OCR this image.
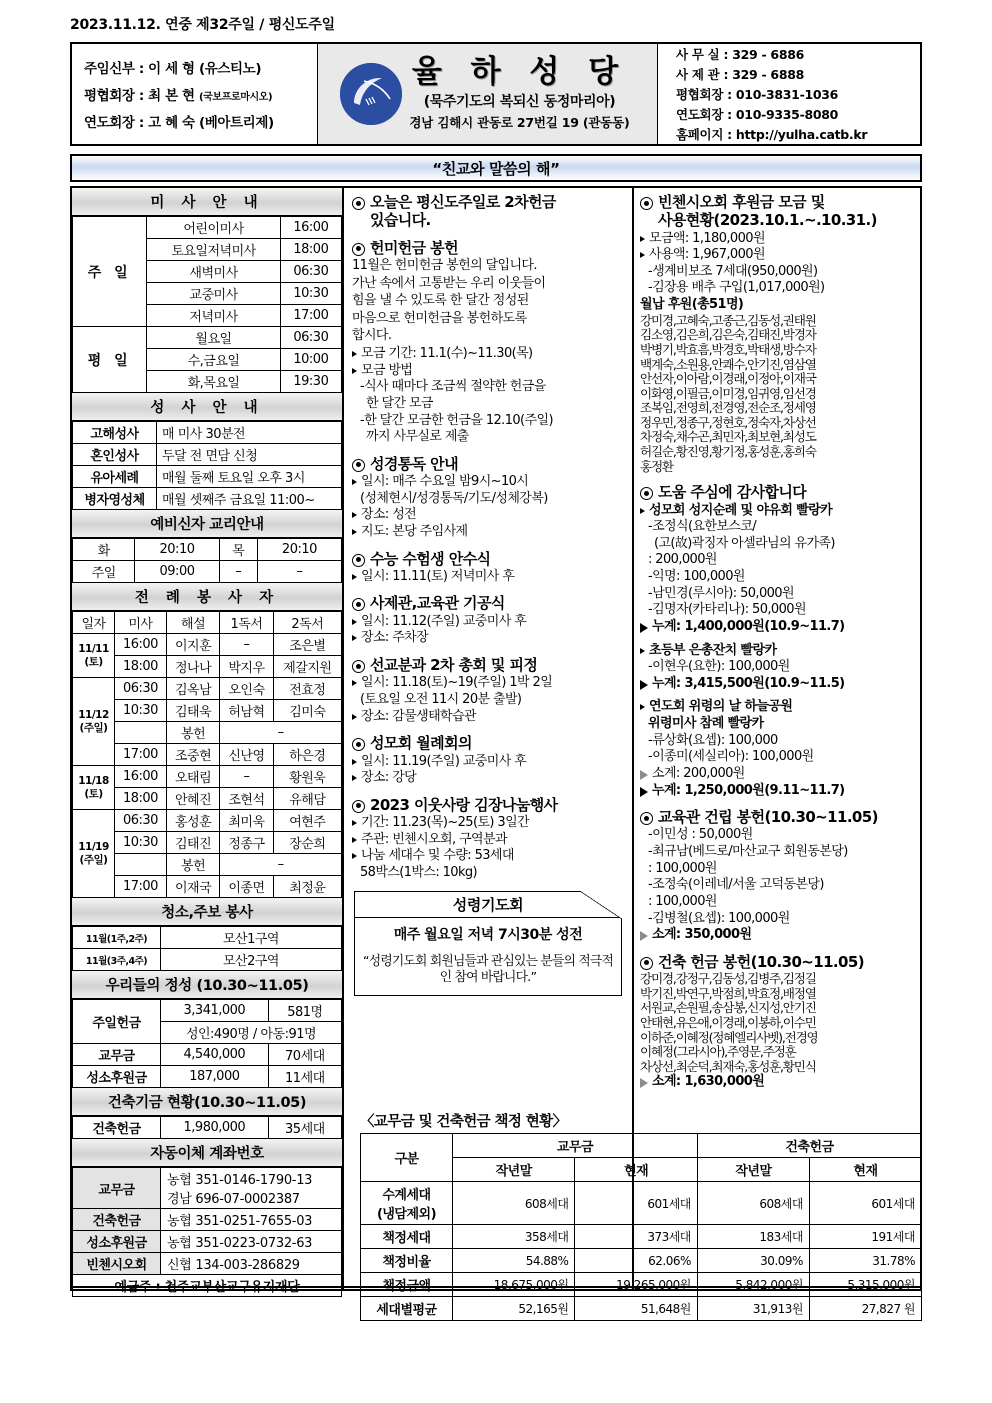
2023.11.12. 연중 제32주일 / 평신도주일
주임신부 : 이 세 형 (유스티노)
평협회장 : 최 본 현 (국보프로마시오)
연도회장 : 고 혜 숙 (베아트리제)
율 하 성 당
(묵주기도의 복되신 동정마리아)
경남 김해시 관동로 27번길 19 (관동동)
사 무 실 : 329 - 6886
사 제 관 : 329 - 6888
평협회장 : 010-3831-1036
연도회장 : 010-9335-8080
홈페이지 : http://yulha.catb.kr
“친교와 말씀의 해”
미 사 안 내
주 일	어린이미사	16:00
	토요일저녁미사	18:00
	새벽미사	06:30
	교중미사	10:30
	저녁미사	17:00
평 일	월요일	06:30
	수,금요일	10:00
	화,목요일	19:30
성 사 안 내
고해성사	매 미사 30분전
혼인성사	두달 전 면담 신청
유아세례	매월 둘째 토요일 오후 3시
병자영성체	매월 셋째주 금요일 11:00~
예비신자 교리안내
화	20:10	목	20:10
주일	09:00	–	–
전 례 봉 사 자
일자	미사	해설	1독서	2독서
11/11
(토)	16:00	이지훈	–	조은별
	18:00	정나나	박지우	제갈지원
11/12
(주일)	06:30	김옥남	오인숙	전효정
	10:30	김태욱	허남혁	김미숙
		봉헌	–	
	17:00	조중현	신난영	하은경
11/18
(토)	16:00	오태림	–	황원욱
	18:00	안혜진	조현석	유해담
11/19
(주일)	06:30	홍성훈	최미욱	여현주
	10:30	김태진	정종구	장순희
		봉헌	–	
	17:00	이재국	이종면	최정윤
청소,주보 봉사
11월(1주,2주)	모산1구역
11월(3주,4주)	모산2구역
우리들의 정성 (10.30~11.05)
주일헌금	3,341,000	581명
	성인:490명 / 아동:91명	
교무금	4,540,000	70세대
성소후원금	187,000	11세대
건축기금 현황(10.30~11.05)
건축헌금	1,980,000	35세대
자동이체 계좌번호
교무금	농협 351-0146-1790-13
경남 696-07-0002387
건축헌금	농협 351-0251-7655-03
성소후원금	농협 351-0223-0732-63
빈첸시오회	신협 134-003-286829
예금주 : 천주교부산교구유지재단	
오늘은 평신도주일로 2차헌금
있습니다.
헌미헌금 봉헌
11월은 헌미헌금 봉헌의 달입니다.
가난 속에서 고통받는 우리 이웃들이
힘을 낼 수 있도록 한 달간 정성된
마음으로 헌미헌금을 봉헌하도록
합시다.
모금 기간: 11.1(수)~11.30(목)
모금 방법
-식사 때마다 조금씩 절약한 헌금을
한 달간 모금
-한 달간 모금한 헌금을 12.10(주일)
까지 사무실로 제출
성경통독 안내
일시: 매주 수요일 밤9시~10시
(성체현시/성경통독/기도/성체강복)
장소: 성전
지도: 본당 주임사제
수능 수험생 안수식
일시: 11.11(토) 저녁미사 후
사제관,교육관 기공식
일시: 11.12(주일) 교중미사 후
장소: 주차장
선교분과 2차 총회 및 피정
일시: 11.18(토)~19(주일) 1박 2일
(토요일 오전 11시 20분 출발)
장소: 감물생태학습관
성모회 월례회의
일시: 11.19(주일) 교중미사 후
장소: 강당
2023 이웃사랑 김장나눔행사
기간: 11.23(목)~25(토) 3일간
주관: 빈첸시오회, 구역분과
나눔 세대수 및 수량: 53세대
58박스(1박스: 10kg)
성령기도회
매주 월요일 저녁 7시30분 성전
“성령기도회 회원님들과 관심있는 분들의 적극적인 참여 바랍니다.”
빈첸시오회 후원금 모금 및
사용현황(2023.10.1.~.10.31.)
모금액: 1,180,000원
사용액: 1,967,000원
-생계비보조 7세대(950,000원)
-김장용 배추 구입(1,017,000원)
월납 후원(총51명)
강미경,고혜숙,고종근,김동성,권태원
김소영,김은희,김은숙,김태진,박경자
박병기,박효흠,박경호,박태생,방수자
백계숙,소원용,안쾌수,안기진,염삼열
안선자,이아람,이경래,이정아,이재국
이화영,이필금,이미경,임귀영,임선경
조복임,전영희,전경영,전순조,정세영
정우민,정종구,정현호,정숙자,차상선
차정숙,채수곤,최민자,최보현,최성도
허길순,황진영,황기정,홍성훈,홍희숙
홍정환
도움 주심에 감사합니다
성모회 성지순례 및 야유회 빨랑카
-조정식(요한보스코/
(고(故)곽징자 아셀라님의 유가족)
: 200,000원
-익명: 100,000원
-남민경(루시아): 50,000원
-김명자(카타리나): 50,000원
누계: 1,400,000원(10.9~11.7)
초등부 은총잔치 빨랑카
-이현우(요한): 100,000원
누계: 3,415,500원(10.9~11.5)
연도회 위령의 날 하늘공원
위령미사 참례 빨랑카
-류상화(요셉): 100,000
-이종미(세실리아): 100,000원
소계: 200,000원
누계: 1,250,000원(9.11~11.7)
교육관 건립 봉헌(10.30~11.05)
-이민성 : 50,000원
-최규남(베드로/마산교구 회원동본당)
: 100,000원
-조정숙(이레네/서울 고덕동본당)
: 100,000원
-김병철(요셉): 100,000원
소계: 350,000원
건축 헌금 봉헌(10.30~11.05)
강미경,강정구,김동성,김병주,김정길
박기진,박연구,박점희,박효정,배정열
서원교,손원필,송삼봉,신지성,안기진
안태현,유은애,이경래,이봉하,이수민
이하준,이혜정(정혜엘리사벳),전경영
이혜정(그라시아),주영문,주정훈
차상선,최순덕,최재숙,홍성훈,황민식
소계: 1,630,000원
〈교무금 및 건축헌금 책정 현황〉
구분	교무금		건축헌금	
	작년말	현재	작년말	현재
수계세대
(냉담제외)	608세대	601세대	608세대	601세대
책정세대	358세대	373세대	183세대	191세대
책정비율	54.88%	62.06%	30.09%	31.78%
책정금액	18,675,000원	19,265,000원	5,842,000원	5,315,000원
세대별평균	52,165원	51,648원	31,913원	27,827 원
